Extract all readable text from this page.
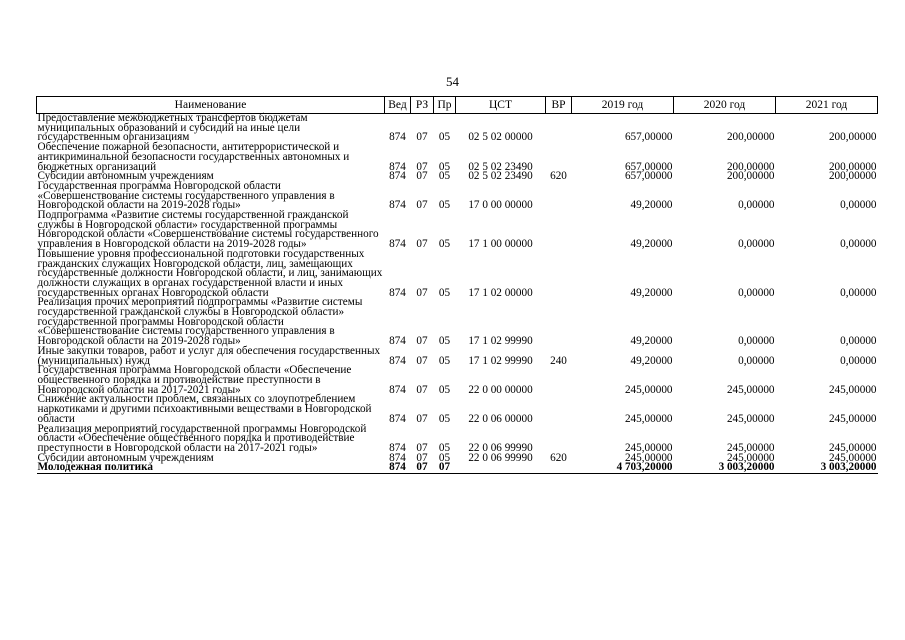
54
Наименование	Вед	РЗ	Пр	ЦСТ	ВР	2019 год	2020 год	2021 год
Предоставление межбюджетных трансфертов бюджетам муниципальных образований и субсидий на иные цели государственным организациям	874	07	05	02 5 02 00000		657,00000	200,00000	200,00000
Обеспечение пожарной безопасности, антитеррористической и антикриминальной безопасности государственных автономных и бюджетных организаций	874	07	05	02 5 02 23490		657,00000	200,00000	200,00000
Субсидии автономным учреждениям	874	07	05	02 5 02 23490	620	657,00000	200,00000	200,00000
Государственная программа Новгородской области «Совершенствование системы государственного управления в Новгородской области на 2019-2028 годы»	874	07	05	17 0 00 00000		49,20000	0,00000	0,00000
Подпрограмма «Развитие системы государственной гражданской службы в Новгородской области» государственной программы Новгородской области «Совершенствование системы государственного управления в Новгородской области на 2019-2028 годы»	874	07	05	17 1 00 00000		49,20000	0,00000	0,00000
Повышение уровня профессиональной подготовки государственных гражданских служащих Новгородской области, лиц, замещающих государственные должности Новгородской области, и лиц, занимающих должности служащих в органах государственной власти и иных государственных органах Новгородской области	874	07	05	17 1 02 00000		49,20000	0,00000	0,00000
Реализация прочих мероприятий подпрограммы «Развитие системы государственной гражданской службы в Новгородской области» государственной программы Новгородской области «Совершенствование системы государственного управления в Новгородской области на 2019-2028 годы»	874	07	05	17 1 02 99990		49,20000	0,00000	0,00000
Иные закупки товаров, работ и услуг для обеспечения государственных (муниципальных) нужд	874	07	05	17 1 02 99990	240	49,20000	0,00000	0,00000
Государственная программа Новгородской области «Обеспечение общественного порядка и противодействие преступности в Новгородской области на 2017-2021 годы»	874	07	05	22 0 00 00000		245,00000	245,00000	245,00000
Снижение актуальности проблем, связанных со злоупотреблением наркотиками и другими психоактивными веществами в Новгородской области	874	07	05	22 0 06 00000		245,00000	245,00000	245,00000
Реализация мероприятий государственной программы Новгородской области «Обеспечение общественного порядка и противодействие преступности в Новгородской области на 2017-2021 годы»	874	07	05	22 0 06 99990		245,00000	245,00000	245,00000
Субсидии автономным учреждениям	874	07	05	22 0 06 99990	620	245,00000	245,00000	245,00000
Молодежная политика	874	07	07			4 703,20000	3 003,20000	3 003,20000
